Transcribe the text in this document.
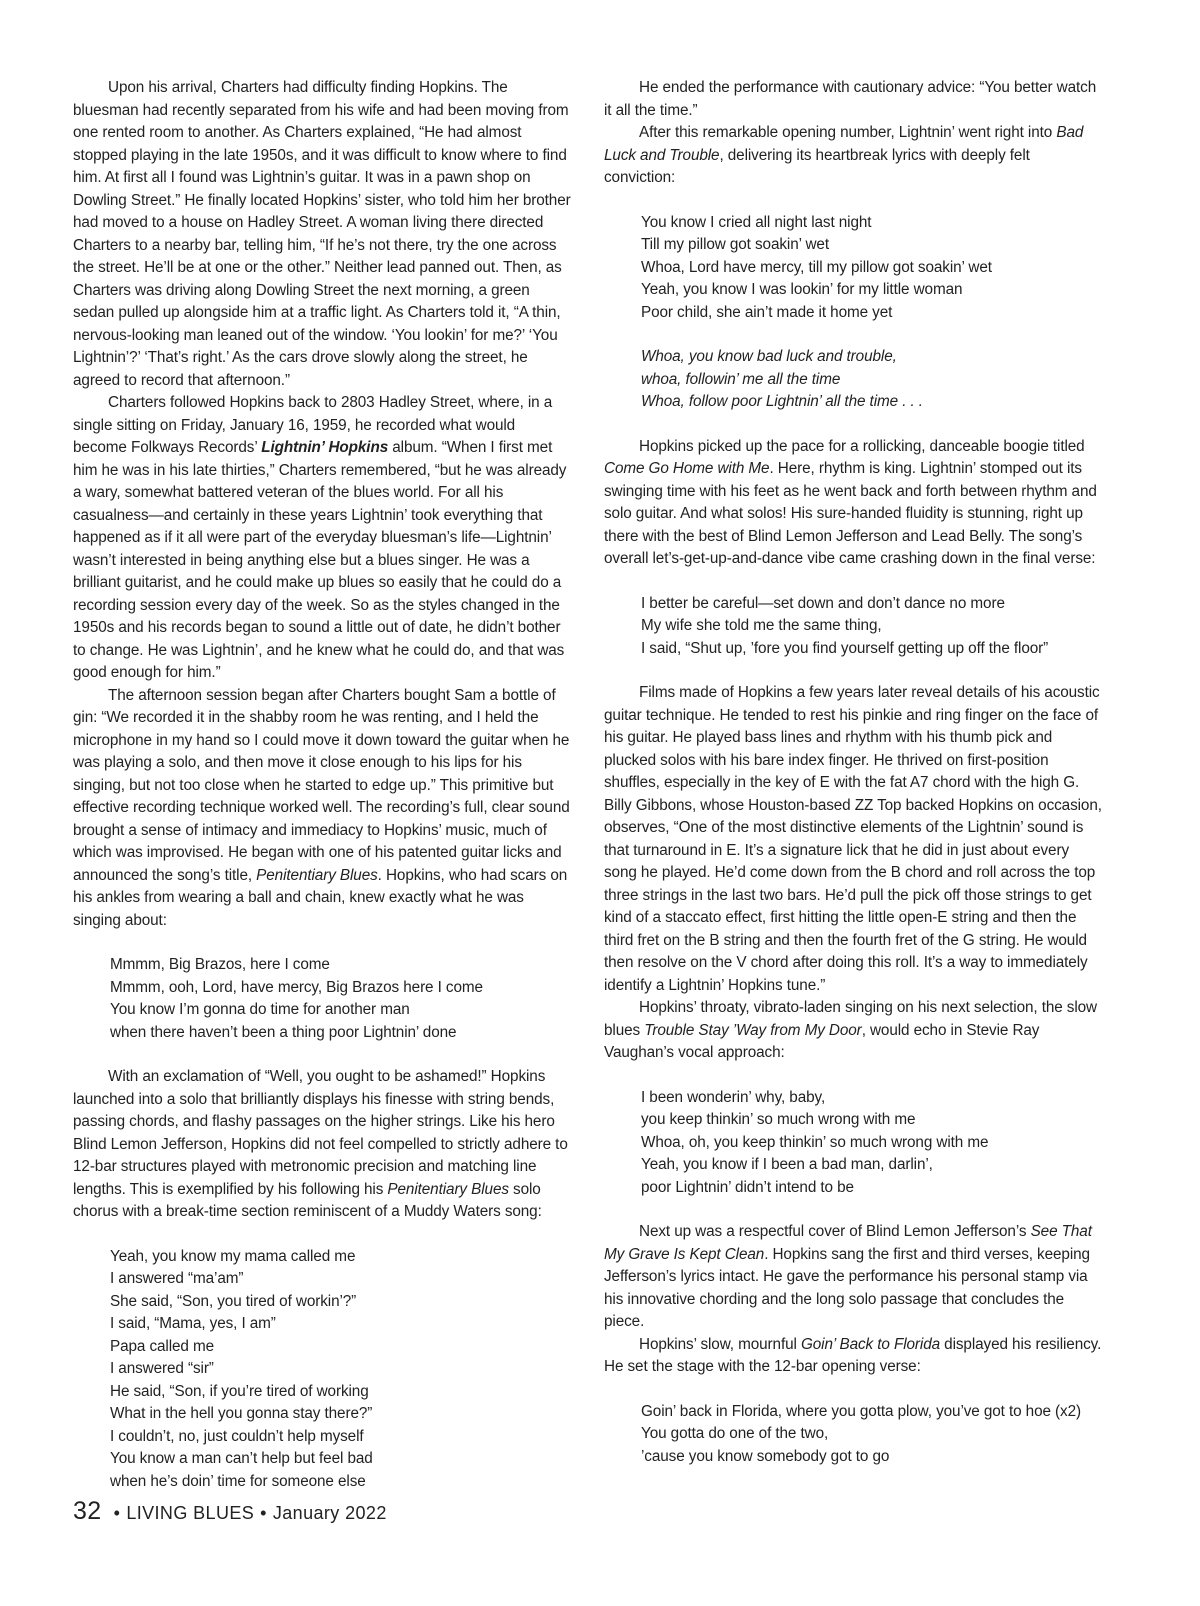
Upon his arrival, Charters had difficulty finding Hopkins. The bluesman had recently separated from his wife and had been moving from one rented room to another. As Charters explained, “He had almost stopped playing in the late 1950s, and it was difficult to know where to find him. At first all I found was Lightnin’s guitar. It was in a pawn shop on Dowling Street.” He finally located Hopkins’ sister, who told him her brother had moved to a house on Hadley Street. A woman living there directed Charters to a nearby bar, telling him, “If he’s not there, try the one across the street. He’ll be at one or the other.” Neither lead panned out. Then, as Charters was driving along Dowling Street the next morning, a green sedan pulled up alongside him at a traffic light. As Charters told it, “A thin, nervous-looking man leaned out of the window. ‘You lookin’ for me?’ ‘You Lightnin’?’ ‘That’s right.’ As the cars drove slowly along the street, he agreed to record that afternoon.”

Charters followed Hopkins back to 2803 Hadley Street, where, in a single sitting on Friday, January 16, 1959, he recorded what would become Folkways Records’ Lightnin’ Hopkins album. “When I first met him he was in his late thirties,” Charters remembered, “but he was already a wary, somewhat battered veteran of the blues world. For all his casualness—and certainly in these years Lightnin’ took everything that happened as if it all were part of the everyday bluesman’s life—Lightnin’ wasn’t interested in being anything else but a blues singer. He was a brilliant guitarist, and he could make up blues so easily that he could do a recording session every day of the week. So as the styles changed in the 1950s and his records began to sound a little out of date, he didn’t bother to change. He was Lightnin’, and he knew what he could do, and that was good enough for him.”

The afternoon session began after Charters bought Sam a bottle of gin: “We recorded it in the shabby room he was renting, and I held the microphone in my hand so I could move it down toward the guitar when he was playing a solo, and then move it close enough to his lips for his singing, but not too close when he started to edge up.” This primitive but effective recording technique worked well. The recording’s full, clear sound brought a sense of intimacy and immediacy to Hopkins’ music, much of which was improvised. He began with one of his patented guitar licks and announced the song’s title, Penitentiary Blues. Hopkins, who had scars on his ankles from wearing a ball and chain, knew exactly what he was singing about:

Mmmm, Big Brazos, here I come
Mmmm, ooh, Lord, have mercy, Big Brazos here I come
You know I’m gonna do time for another man
when there haven’t been a thing poor Lightnin’ done

With an exclamation of “Well, you ought to be ashamed!” Hopkins launched into a solo that brilliantly displays his finesse with string bends, passing chords, and flashy passages on the higher strings. Like his hero Blind Lemon Jefferson, Hopkins did not feel compelled to strictly adhere to 12-bar structures played with metronomic precision and matching line lengths. This is exemplified by his following his Penitentiary Blues solo chorus with a break-time section reminiscent of a Muddy Waters song:

Yeah, you know my mama called me
I answered “ma’am”
She said, “Son, you tired of workin’?”
I said, “Mama, yes, I am”
Papa called me
I answered “sir”
He said, “Son, if you’re tired of working
What in the hell you gonna stay there?”
I couldn’t, no, just couldn’t help myself
You know a man can’t help but feel bad
when he’s doin’ time for someone else

He ended the performance with cautionary advice: “You better watch it all the time.”

After this remarkable opening number, Lightnin’ went right into Bad Luck and Trouble, delivering its heartbreak lyrics with deeply felt conviction:

You know I cried all night last night
Till my pillow got soakin’ wet
Whoa, Lord have mercy, till my pillow got soakin’ wet
Yeah, you know I was lookin’ for my little woman
Poor child, she ain’t made it home yet
Whoa, you know bad luck and trouble,
whoa, followin’ me all the time
Whoa, follow poor Lightnin’ all the time . . .

Hopkins picked up the pace for a rollicking, danceable boogie titled Come Go Home with Me. Here, rhythm is king. Lightnin’ stomped out its swinging time with his feet as he went back and forth between rhythm and solo guitar. And what solos! His sure-handed fluidity is stunning, right up there with the best of Blind Lemon Jefferson and Lead Belly. The song’s overall let’s-get-up-and-dance vibe came crashing down in the final verse:

I better be careful—set down and don’t dance no more
My wife she told me the same thing,
I said, “Shut up, ’fore you find yourself getting up off the floor”

Films made of Hopkins a few years later reveal details of his acoustic guitar technique. He tended to rest his pinkie and ring finger on the face of his guitar. He played bass lines and rhythm with his thumb pick and plucked solos with his bare index finger. He thrived on first-position shuffles, especially in the key of E with the fat A7 chord with the high G. Billy Gibbons, whose Houston-based ZZ Top backed Hopkins on occasion, observes, “One of the most distinctive elements of the Lightnin’ sound is that turnaround in E. It’s a signature lick that he did in just about every song he played. He’d come down from the B chord and roll across the top three strings in the last two bars. He’d pull the pick off those strings to get kind of a staccato effect, first hitting the little open-E string and then the third fret on the B string and then the fourth fret of the G string. He would then resolve on the V chord after doing this roll. It’s a way to immediately identify a Lightnin’ Hopkins tune.”

Hopkins’ throaty, vibrato-laden singing on his next selection, the slow blues Trouble Stay ’Way from My Door, would echo in Stevie Ray Vaughan’s vocal approach:

I been wonderin’ why, baby,
you keep thinkin’ so much wrong with me
Whoa, oh, you keep thinkin’ so much wrong with me
Yeah, you know if I been a bad man, darlin’,
poor Lightnin’ didn’t intend to be

Next up was a respectful cover of Blind Lemon Jefferson’s See That My Grave Is Kept Clean. Hopkins sang the first and third verses, keeping Jefferson’s lyrics intact. He gave the performance his personal stamp via his innovative chording and the long solo passage that concludes the piece.

Hopkins’ slow, mournful Goin’ Back to Florida displayed his resiliency. He set the stage with the 12-bar opening verse:

Goin’ back in Florida, where you gotta plow, you’ve got to hoe (x2)
You gotta do one of the two,
’cause you know somebody got to go
32 • LIVING BLUES • January 2022
